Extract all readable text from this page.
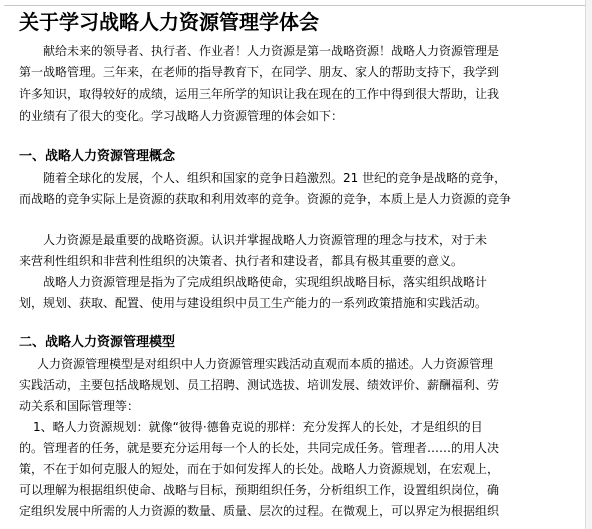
关于学习战略人力资源管理学体会
献给未来的领导者、执行者、作业者！人力资源是第一战略资源！战略人力资源管理是
第一战略管理。三年来，在老师的指导教育下，在同学、朋友、家人的帮助支持下，我学到
许多知识，取得较好的成绩，运用三年所学的知识让我在现在的工作中得到很大帮助，让我
的业绩有了很大的变化。学习战略人力资源管理的体会如下：
一、战略人力资源管理概念
随着全球化的发展，个人、组织和国家的竞争日趋激烈。21 世纪的竞争是战略的竞争，
而战略的竞争实际上是资源的获取和利用效率的竞争。资源的竞争，本质上是人力资源的竞争
人力资源是最重要的战略资源。认识并掌握战略人力资源管理的理念与技术，对于未
来营利性组织和非营利性组织的决策者、执行者和建设者，都具有极其重要的意义。
战略人力资源管理是指为了完成组织战略使命，实现组织战略目标，落实组织战略计
划，规划、获取、配置、使用与建设组织中员工生产能力的一系列政策措施和实践活动。
二、战略人力资源管理模型
人力资源管理模型是对组织中人力资源管理实践活动直观而本质的描述。人力资源管理
实践活动，主要包括战略规划、员工招聘、测试选拔、培训发展、绩效评价、薪酬福利、劳
动关系和国际管理等：
1、略人力资源规划：就像“彼得·德鲁克说的那样：充分发挥人的长处，才是组织的目
的。管理者的任务，就是要充分运用每一个人的长处，共同完成任务。管理者……的用人决
策，不在于如何克服人的短处，而在于如何发挥人的长处。战略人力资源规划，在宏观上，
可以理解为根据组织使命、战略与目标，预期组织任务，分析组织工作，设置组织岗位，确
定组织发展中所需的人力资源的数量、质量、层次的过程。在微观上，可以界定为根据组织
